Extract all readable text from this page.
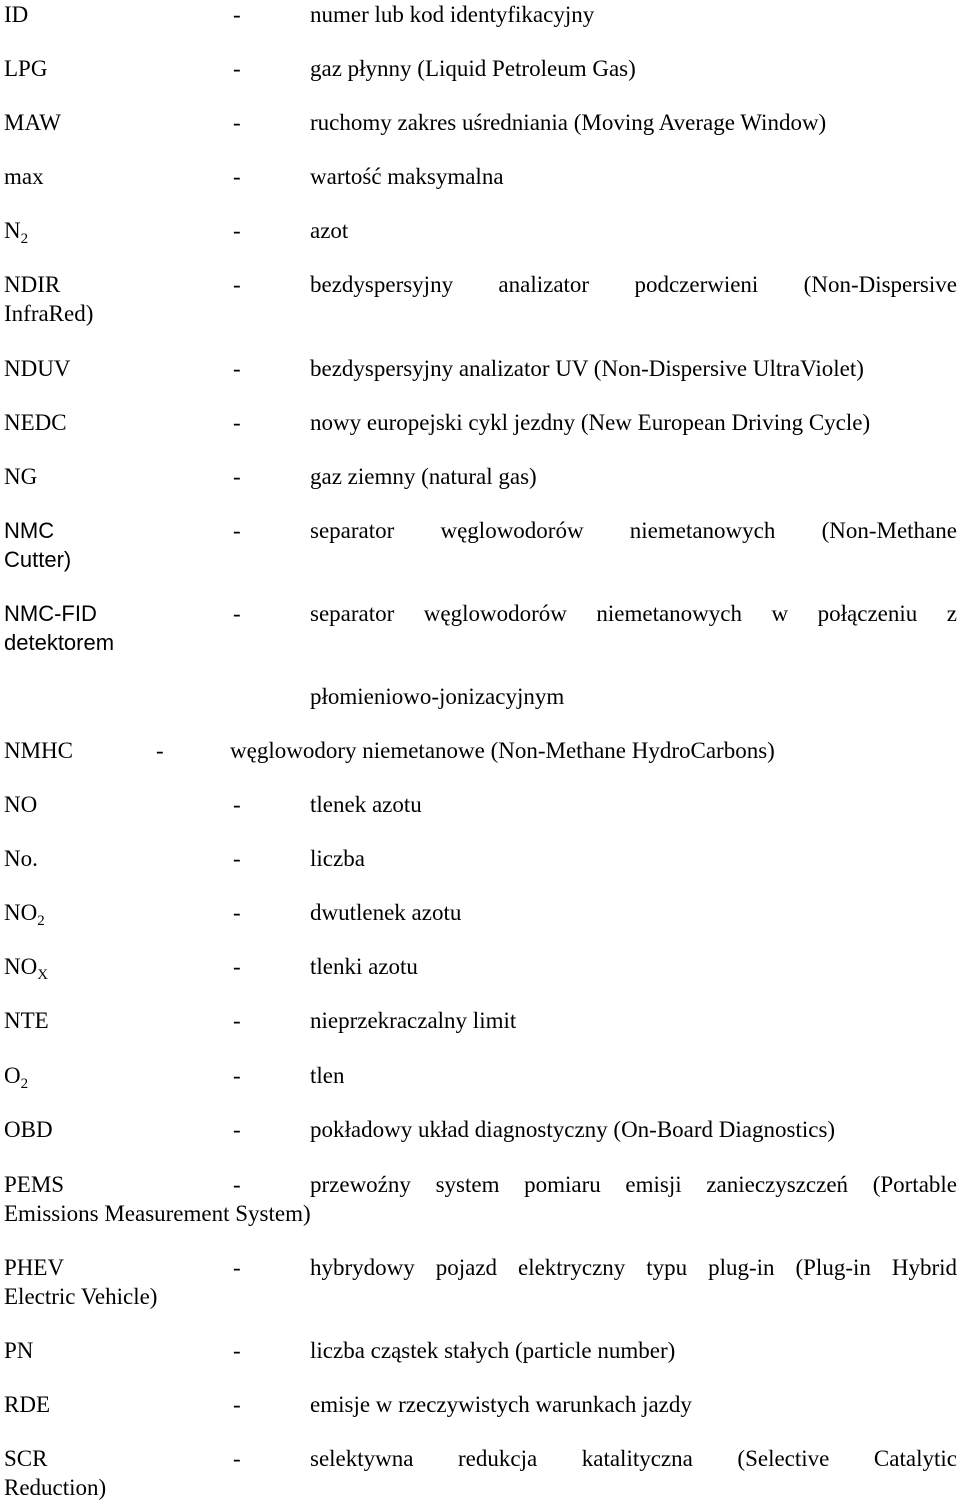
ID	-	numer lub kod identyfikacyjny
LPG	-	gaz płynny (Liquid Petroleum Gas)
MAW	-	ruchomy zakres uśredniania (Moving Average Window)
max	-	wartość maksymalna
$N_2$	-	azot
NDIR	-	bezdyspersyjny analizator podczerwieni (Non-Dispersive
InfraRed)
NDUV	-	bezdyspersyjny analizator UV (Non-Dispersive UltraViolet)
NEDC	-	nowy europejski cykl jezdny (New European Driving Cycle)
NG	-	gaz ziemny (natural gas)
NMC	-	separator węglowodorów niemetanowych (Non-Methane
Cutter)
NMC-FID	-	separator węglowodorów niemetanowych w połączeniu z
detektorem
płomieniowo-jonizacyjnym
NMHC	-	węglowodory niemetanowe (Non-Methane HydroCarbons)
NO	-	tlenek azotu
No.	-	liczba
$NO_2$	-	dwutlenek azotu
$NO_X$	-	tlenki azotu
NTE	-	nieprzekraczalny limit
$O_2$	-	tlen
OBD	-	pokładowy układ diagnostyczny (On-Board Diagnostics)
PEMS	-	przewoźny system pomiaru emisji zanieczyszczeń (Portable
Emissions Measurement System)
PHEV	-	hybrydowy pojazd elektryczny typu plug-in (Plug-in Hybrid
Electric Vehicle)
PN	-	liczba cząstek stałych (particle number)
RDE	-	emisje w rzeczywistych warunkach jazdy
SCR	-	selektywna redukcja katalityczna (Selective Catalytic
Reduction)
